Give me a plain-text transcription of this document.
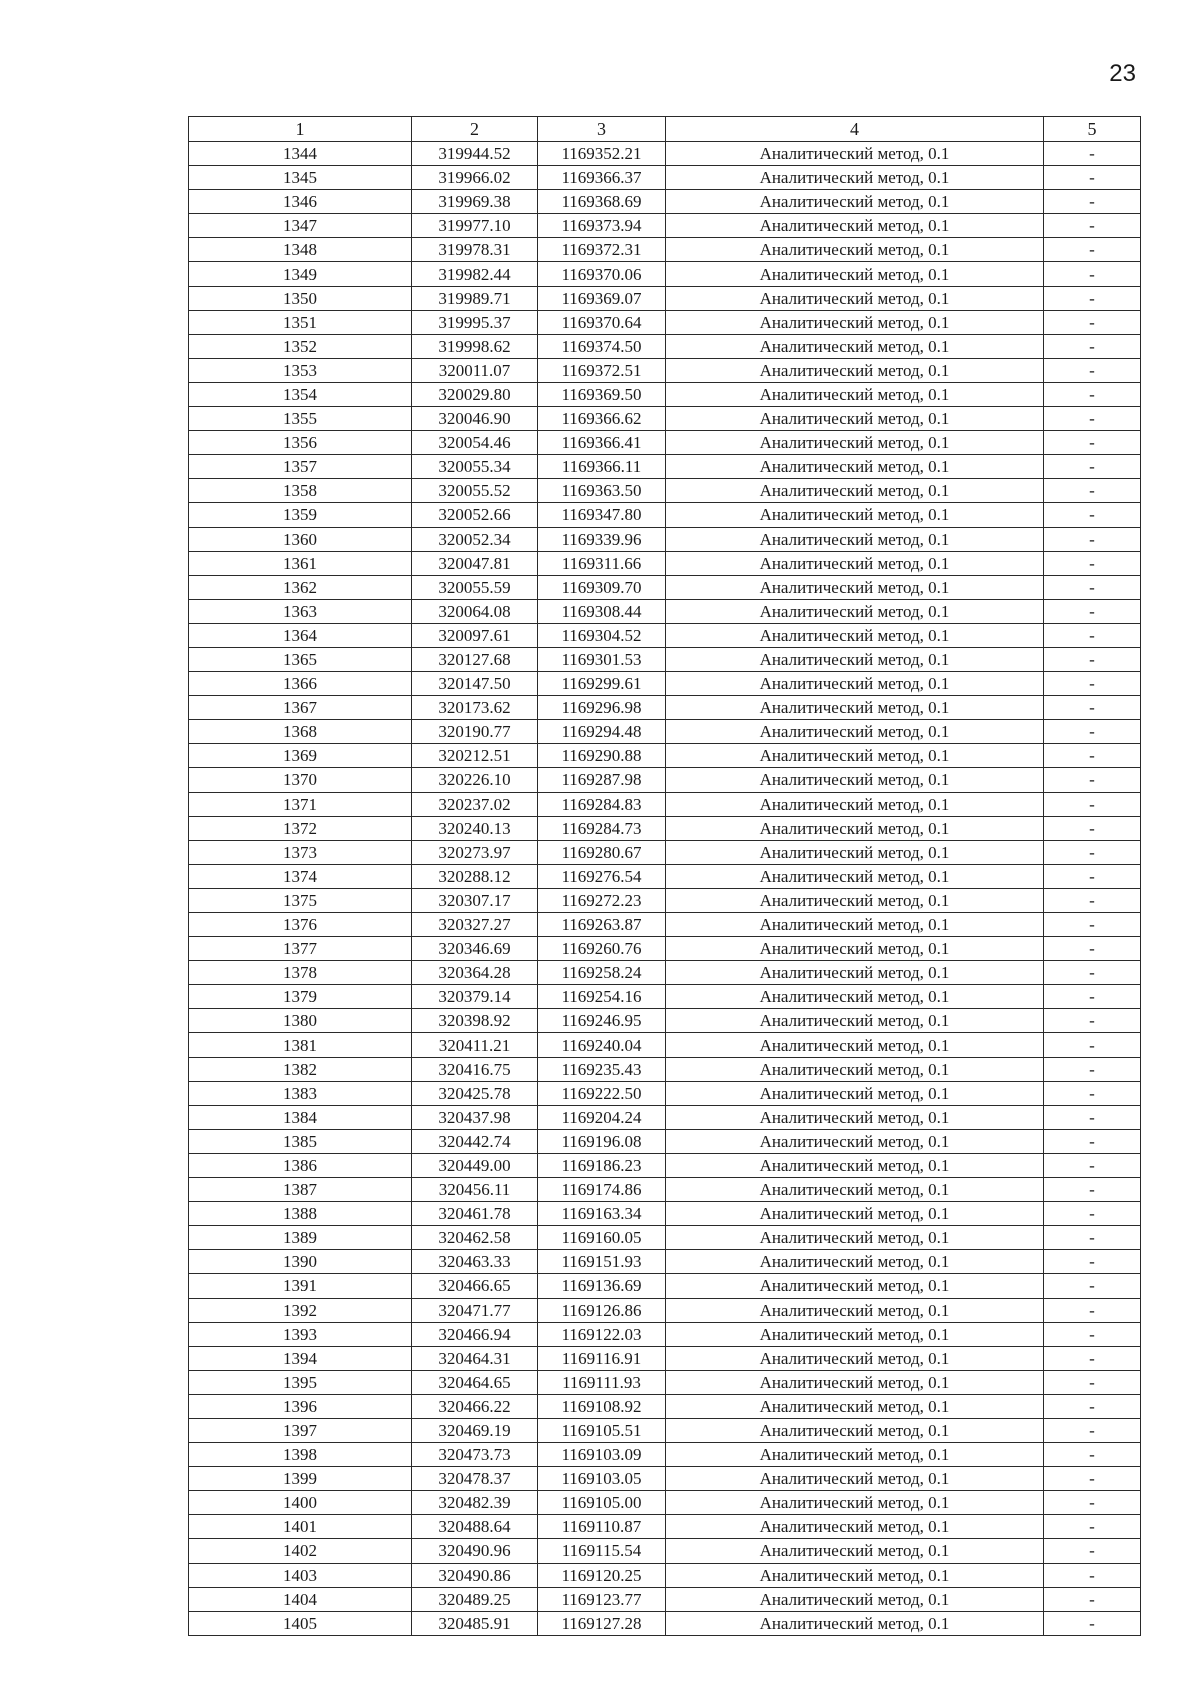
23
1	2	3	4	5
1344	319944.52	1169352.21	Аналитический метод, 0.1	-
1345	319966.02	1169366.37	Аналитический метод, 0.1	-
1346	319969.38	1169368.69	Аналитический метод, 0.1	-
1347	319977.10	1169373.94	Аналитический метод, 0.1	-
1348	319978.31	1169372.31	Аналитический метод, 0.1	-
1349	319982.44	1169370.06	Аналитический метод, 0.1	-
1350	319989.71	1169369.07	Аналитический метод, 0.1	-
1351	319995.37	1169370.64	Аналитический метод, 0.1	-
1352	319998.62	1169374.50	Аналитический метод, 0.1	-
1353	320011.07	1169372.51	Аналитический метод, 0.1	-
1354	320029.80	1169369.50	Аналитический метод, 0.1	-
1355	320046.90	1169366.62	Аналитический метод, 0.1	-
1356	320054.46	1169366.41	Аналитический метод, 0.1	-
1357	320055.34	1169366.11	Аналитический метод, 0.1	-
1358	320055.52	1169363.50	Аналитический метод, 0.1	-
1359	320052.66	1169347.80	Аналитический метод, 0.1	-
1360	320052.34	1169339.96	Аналитический метод, 0.1	-
1361	320047.81	1169311.66	Аналитический метод, 0.1	-
1362	320055.59	1169309.70	Аналитический метод, 0.1	-
1363	320064.08	1169308.44	Аналитический метод, 0.1	-
1364	320097.61	1169304.52	Аналитический метод, 0.1	-
1365	320127.68	1169301.53	Аналитический метод, 0.1	-
1366	320147.50	1169299.61	Аналитический метод, 0.1	-
1367	320173.62	1169296.98	Аналитический метод, 0.1	-
1368	320190.77	1169294.48	Аналитический метод, 0.1	-
1369	320212.51	1169290.88	Аналитический метод, 0.1	-
1370	320226.10	1169287.98	Аналитический метод, 0.1	-
1371	320237.02	1169284.83	Аналитический метод, 0.1	-
1372	320240.13	1169284.73	Аналитический метод, 0.1	-
1373	320273.97	1169280.67	Аналитический метод, 0.1	-
1374	320288.12	1169276.54	Аналитический метод, 0.1	-
1375	320307.17	1169272.23	Аналитический метод, 0.1	-
1376	320327.27	1169263.87	Аналитический метод, 0.1	-
1377	320346.69	1169260.76	Аналитический метод, 0.1	-
1378	320364.28	1169258.24	Аналитический метод, 0.1	-
1379	320379.14	1169254.16	Аналитический метод, 0.1	-
1380	320398.92	1169246.95	Аналитический метод, 0.1	-
1381	320411.21	1169240.04	Аналитический метод, 0.1	-
1382	320416.75	1169235.43	Аналитический метод, 0.1	-
1383	320425.78	1169222.50	Аналитический метод, 0.1	-
1384	320437.98	1169204.24	Аналитический метод, 0.1	-
1385	320442.74	1169196.08	Аналитический метод, 0.1	-
1386	320449.00	1169186.23	Аналитический метод, 0.1	-
1387	320456.11	1169174.86	Аналитический метод, 0.1	-
1388	320461.78	1169163.34	Аналитический метод, 0.1	-
1389	320462.58	1169160.05	Аналитический метод, 0.1	-
1390	320463.33	1169151.93	Аналитический метод, 0.1	-
1391	320466.65	1169136.69	Аналитический метод, 0.1	-
1392	320471.77	1169126.86	Аналитический метод, 0.1	-
1393	320466.94	1169122.03	Аналитический метод, 0.1	-
1394	320464.31	1169116.91	Аналитический метод, 0.1	-
1395	320464.65	1169111.93	Аналитический метод, 0.1	-
1396	320466.22	1169108.92	Аналитический метод, 0.1	-
1397	320469.19	1169105.51	Аналитический метод, 0.1	-
1398	320473.73	1169103.09	Аналитический метод, 0.1	-
1399	320478.37	1169103.05	Аналитический метод, 0.1	-
1400	320482.39	1169105.00	Аналитический метод, 0.1	-
1401	320488.64	1169110.87	Аналитический метод, 0.1	-
1402	320490.96	1169115.54	Аналитический метод, 0.1	-
1403	320490.86	1169120.25	Аналитический метод, 0.1	-
1404	320489.25	1169123.77	Аналитический метод, 0.1	-
1405	320485.91	1169127.28	Аналитический метод, 0.1	-
